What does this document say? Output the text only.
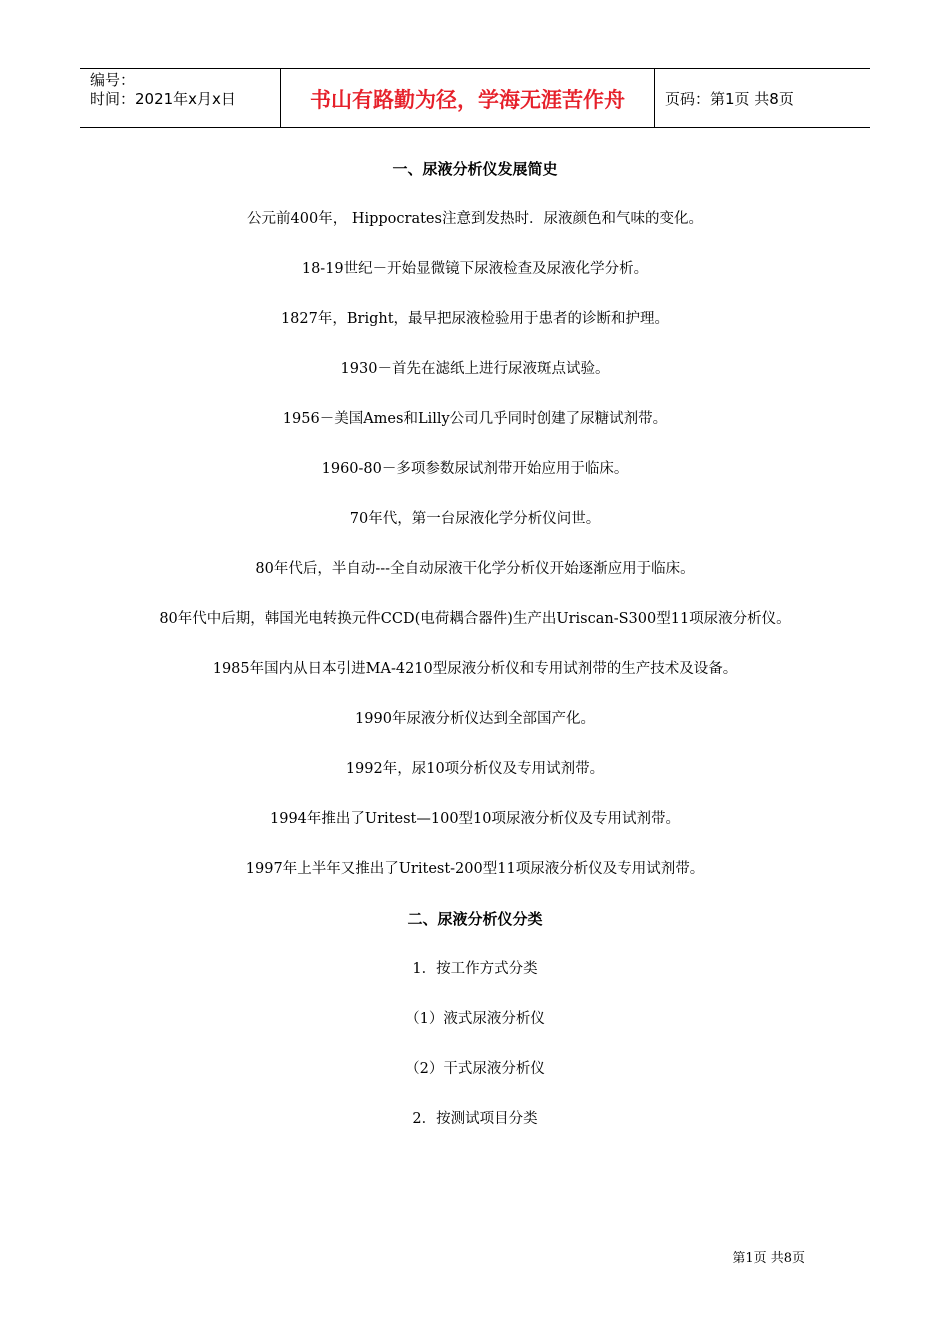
编号：
时间：2021年x月x日	书山有路勤为径，学海无涯苦作舟	页码：第1页 共8页

一、尿液分析仪发展简史

公元前400年， Hippocrates注意到发热时．尿液颜色和气味的变化。

18-19世纪－开始显微镜下尿液检查及尿液化学分析。

1827年，Bright，最早把尿液检验用于患者的诊断和护理。

1930－首先在滤纸上进行尿液斑点试验。

1956－美国Ames和Lilly公司几乎同时创建了尿糖试剂带。

1960-80－多项参数尿试剂带开始应用于临床。

70年代，第一台尿液化学分析仪问世。

80年代后，半自动---全自动尿液干化学分析仪开始逐渐应用于临床。

80年代中后期，韩国光电转换元件CCD(电荷耦合器件)生产出Uriscan-S300型11项尿液分析仪。

1985年国内从日本引进MA-4210型尿液分析仪和专用试剂带的生产技术及设备。

1990年尿液分析仪达到全部国产化。

1992年，尿10项分析仪及专用试剂带。

1994年推出了Uritest—100型10项尿液分析仪及专用试剂带。

1997年上半年又推出了Uritest-200型11项尿液分析仪及专用试剂带。

二、尿液分析仪分类

1．按工作方式分类

（1）液式尿液分析仪

（2）干式尿液分析仪

2．按测试项目分类

第1页 共8页
